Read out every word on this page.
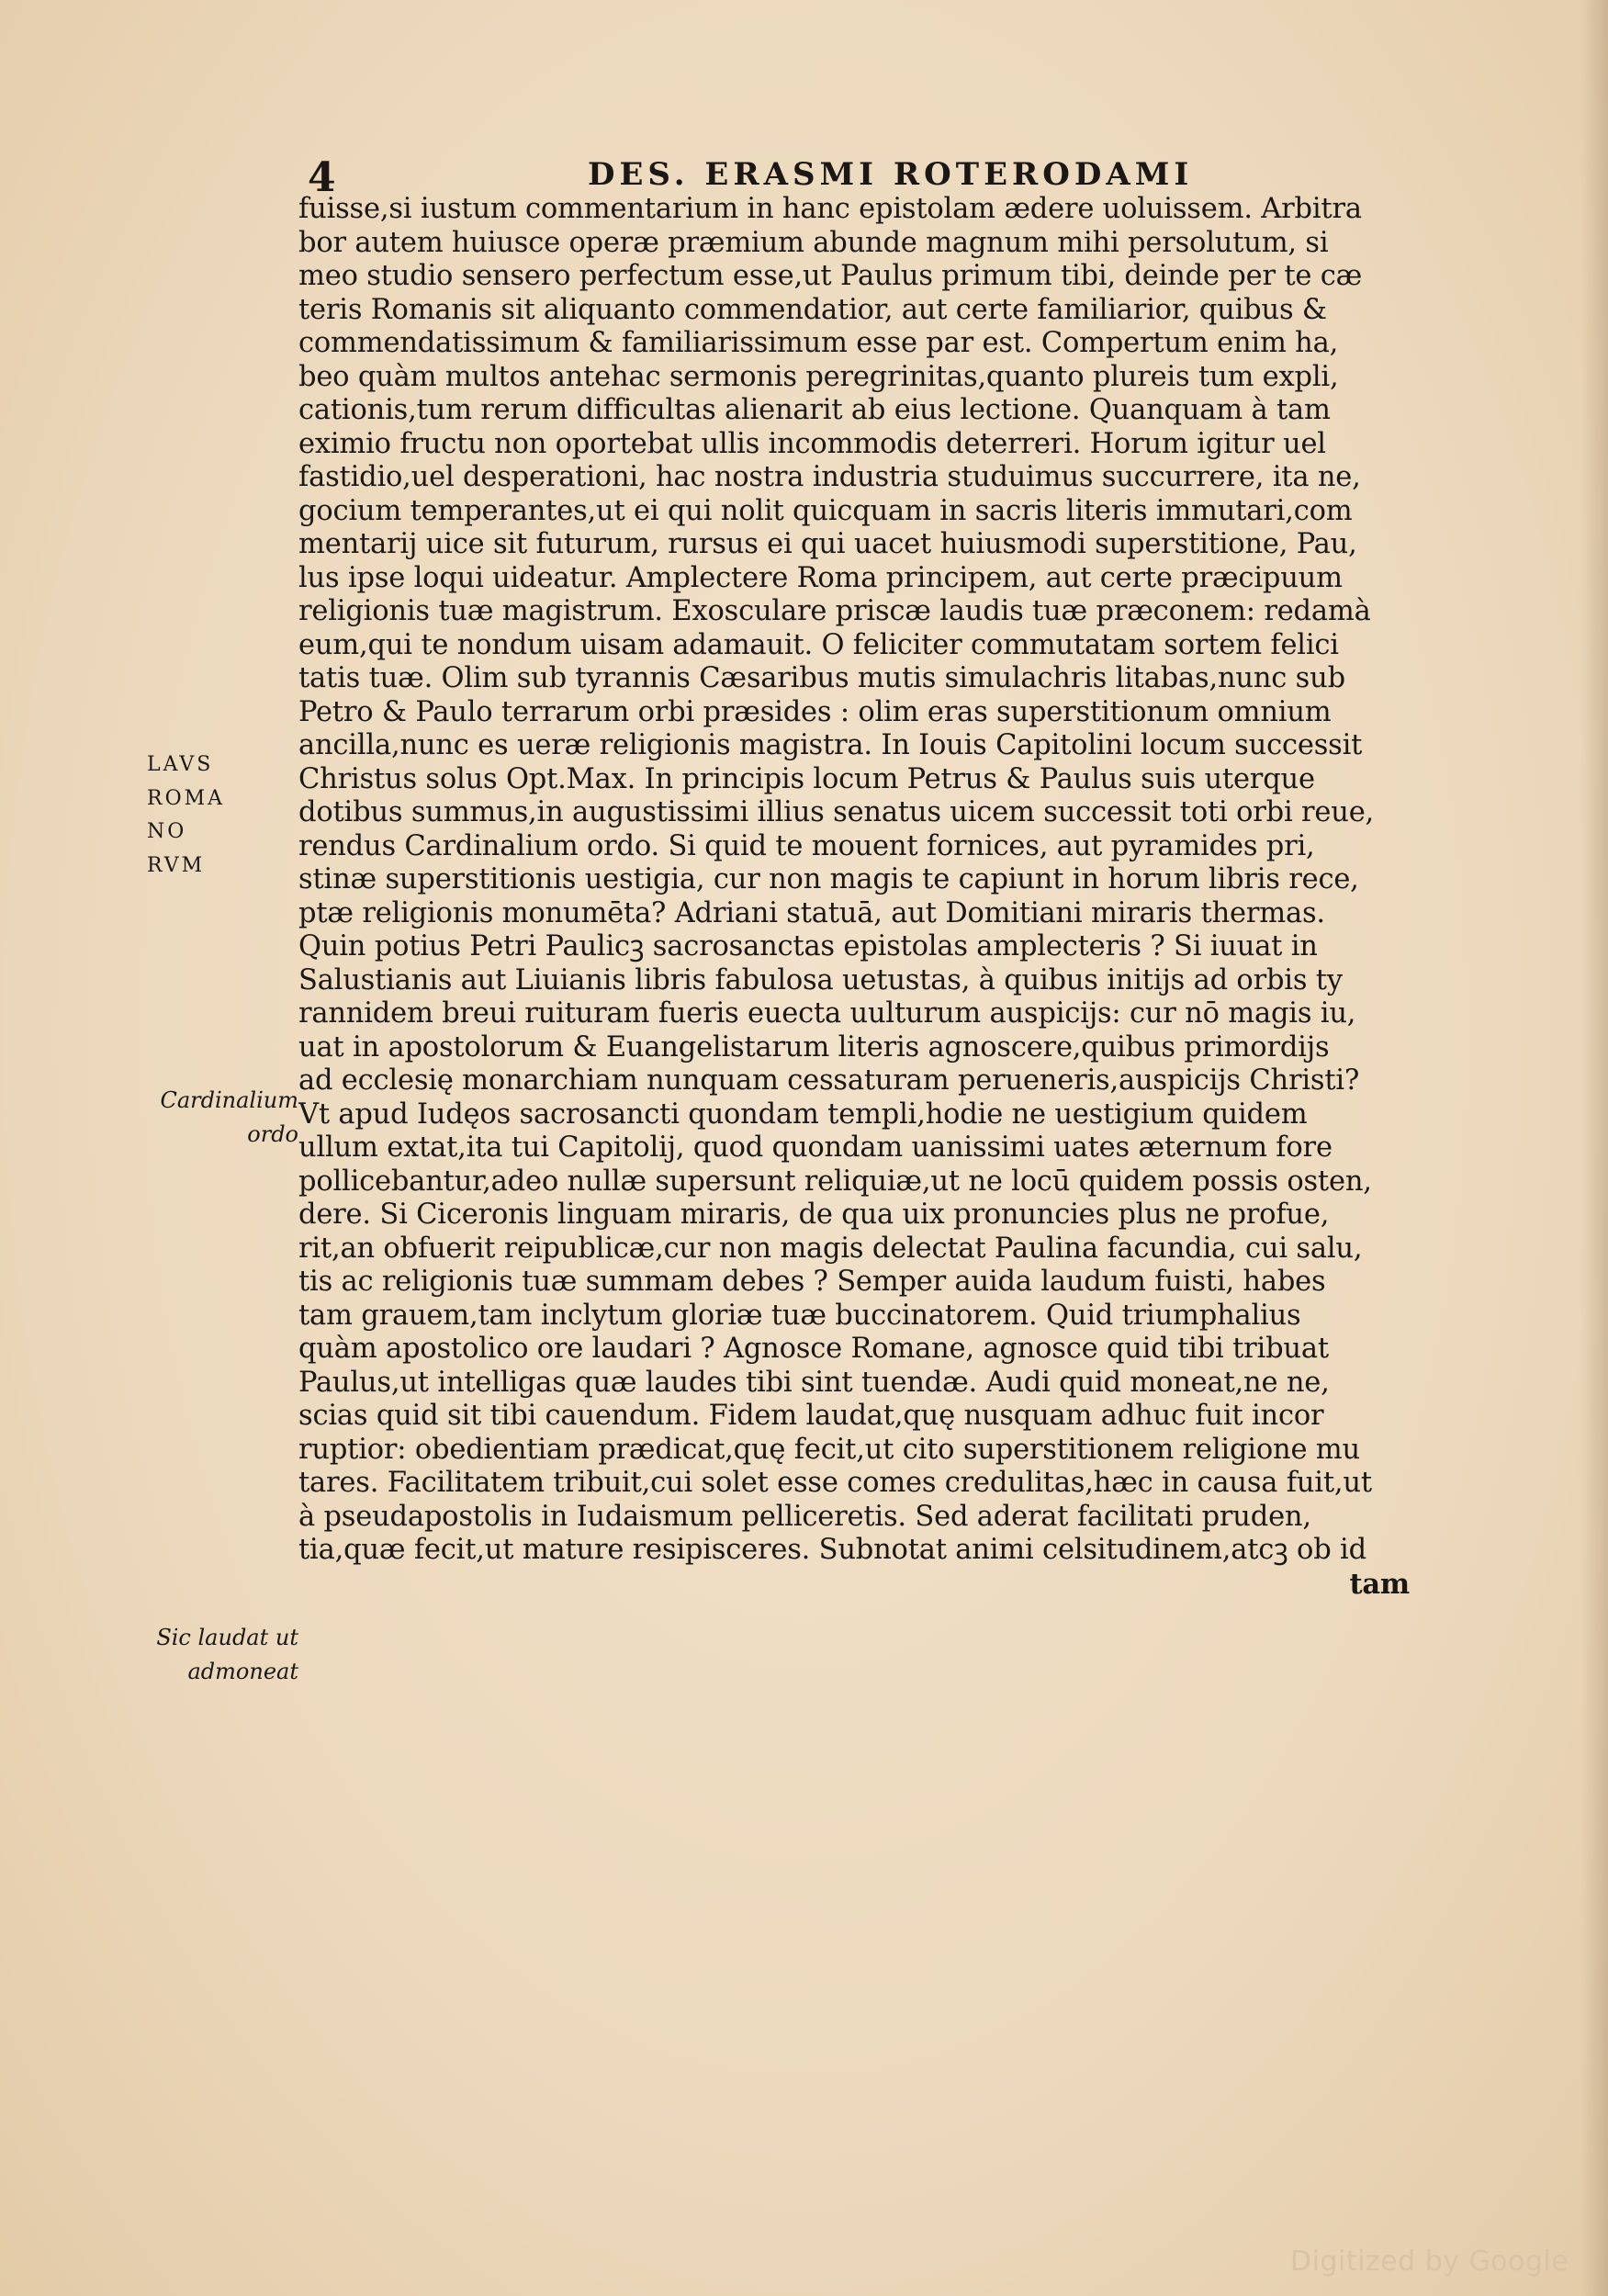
4	DES. ERASMI ROTERODAMI
fuisse,si iustum commentarium in hanc epistolam ædere uoluissem. Arbitra
bor autem huiusce operæ præmium abunde magnum mihi persolutum, si
meo studio sensero perfectum esse,ut Paulus primum tibi, deinde per te cæ
teris Romanis sit aliquanto commendatior, aut certe familiarior, quibus &
commendatissimum & familiarissimum esse par est. Compertum enim ha,
beo quàm multos antehac sermonis peregrinitas,quanto plureis tum expli,
cationis,tum rerum difficultas alienarit ab eius lectione. Quanquam à tam
eximio fructu non oportebat ullis incommodis deterreri. Horum igitur uel
fastidio,uel desperationi, hac nostra industria studuimus succurrere, ita ne,
gocium temperantes,ut ei qui nolit quicquam in sacris literis immutari,com
mentarij uice sit futurum, rursus ei qui uacet huiusmodi superstitione, Pau,
lus ipse loqui uideatur. Amplectere Roma principem, aut certe præcipuum
religionis tuæ magistrum. Exosculare priscæ laudis tuæ præconem: redamà
eum,qui te nondum uisam adamauit. O feliciter commutatam sortem felici
tatis tuæ. Olim sub tyrannis Cæsaribus mutis simulachris litabas,nunc sub
Petro & Paulo terrarum orbi præsides : olim eras superstitionum omnium
ancilla,nunc es ueræ religionis magistra. In Iouis Capitolini locum successit
Christus solus Opt.Max. In principis locum Petrus & Paulus suis uterque
dotibus summus,in augustissimi illius senatus uicem successit toti orbi reue,
rendus Cardinalium ordo. Si quid te mouent fornices, aut pyramides pri,
stinæ superstitionis uestigia, cur non magis te capiunt in horum libris rece,
ptæ religionis monumēta? Adriani statuā, aut Domitiani miraris thermas.
Quin potius Petri Paulicꝫ sacrosanctas epistolas amplecteris ? Si iuuat in
Salustianis aut Liuianis libris fabulosa uetustas, à quibus initijs ad orbis ty
rannidem breui ruituram fueris euecta uulturum auspicijs: cur nō magis iu,
uat in apostolorum & Euangelistarum literis agnoscere,quibus primordijs
ad ecclesię monarchiam nunquam cessaturam perueneris,auspicijs Christi?
Vt apud Iudęos sacrosancti quondam templi,hodie ne uestigium quidem
ullum extat,ita tui Capitolij, quod quondam uanissimi uates æternum fore
pollicebantur,adeo nullæ supersunt reliquiæ,ut ne locū quidem possis osten,
dere. Si Ciceronis linguam miraris, de qua uix pronuncies plus ne profue,
rit,an obfuerit reipublicæ,cur non magis delectat Paulina facundia, cui salu,
tis ac religionis tuæ summam debes ? Semper auida laudum fuisti, habes
tam grauem,tam inclytum gloriæ tuæ buccinatorem. Quid triumphalius
quàm apostolico ore laudari ? Agnosce Romane, agnosce quid tibi tribuat
Paulus,ut intelligas quæ laudes tibi sint tuendæ. Audi quid moneat,ne ne,
scias quid sit tibi cauendum. Fidem laudat,quę nusquam adhuc fuit incor
ruptior: obedientiam prædicat,quę fecit,ut cito superstitionem religione mu
tares. Facilitatem tribuit,cui solet esse comes credulitas,hæc in causa fuit,ut
à pseudapostolis in Iudaismum pelliceretis. Sed aderat facilitati pruden,
tia,quæ fecit,ut mature resipisceres. Subnotat animi celsitudinem,atcꝫ ob id
tam
LAVS
ROMA
NO
RVM
Cardinalium
ordo
Sic laudat ut
admoneat
Digitized by Google
